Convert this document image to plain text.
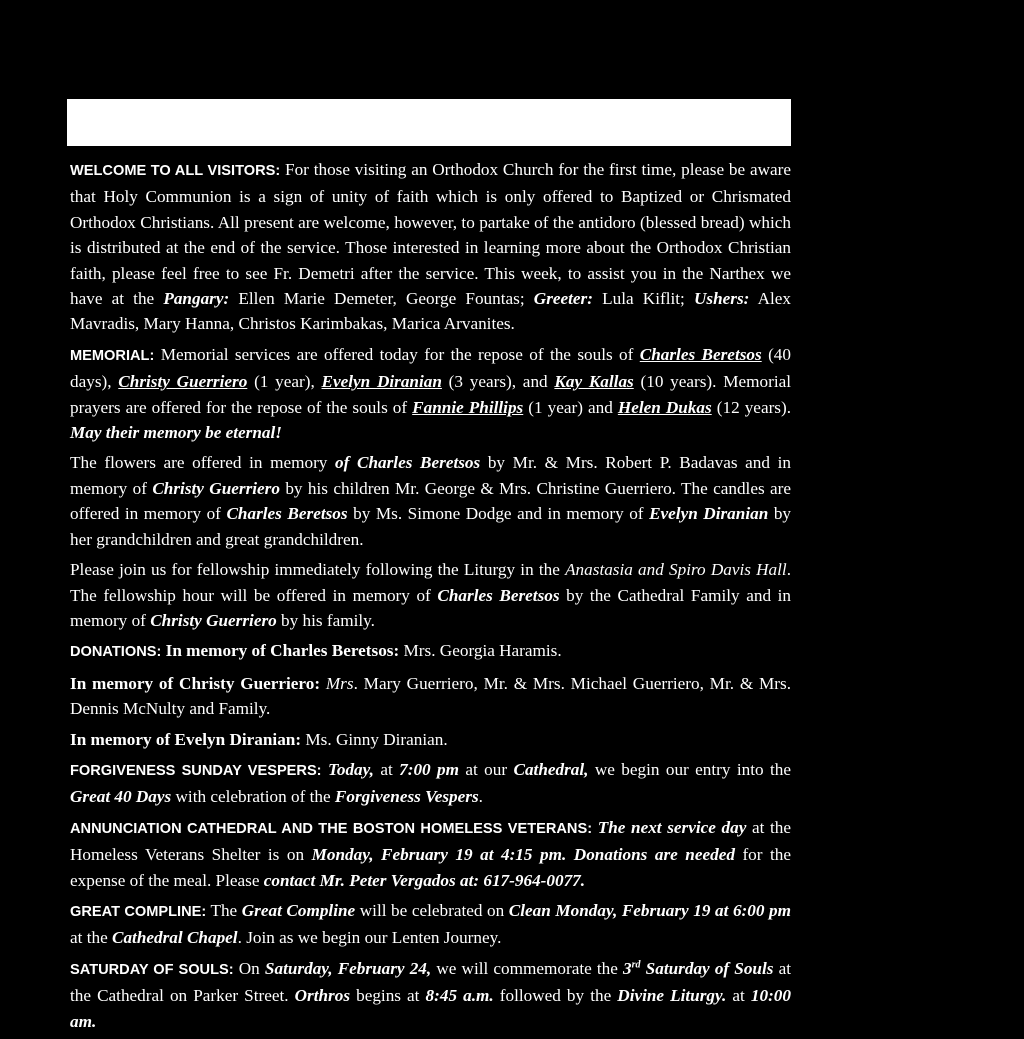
WELCOME TO ALL VISITORS: For those visiting an Orthodox Church for the first time, please be aware that Holy Communion is a sign of unity of faith which is only offered to Baptized or Chrismated Orthodox Christians. All present are welcome, however, to partake of the antidoro (blessed bread) which is distributed at the end of the service. Those interested in learning more about the Orthodox Christian faith, please feel free to see Fr. Demetri after the service. This week, to assist you in the Narthex we have at the Pangary: Ellen Marie Demeter, George Fountas; Greeter: Lula Kiflit; Ushers: Alex Mavradis, Mary Hanna, Christos Karimbakas, Marica Arvanites.

MEMORIAL: Memorial services are offered today for the repose of the souls of Charles Beretsos (40 days), Christy Guerriero (1 year), Evelyn Diranian (3 years), and Kay Kallas (10 years). Memorial prayers are offered for the repose of the souls of Fannie Phillips (1 year) and Helen Dukas (12 years). May their memory be eternal!

The flowers are offered in memory of Charles Beretsos by Mr. & Mrs. Robert P. Badavas and in memory of Christy Guerriero by his children Mr. George & Mrs. Christine Guerriero. The candles are offered in memory of Charles Beretsos by Ms. Simone Dodge and in memory of Evelyn Diranian by her grandchildren and great grandchildren.

Please join us for fellowship immediately following the Liturgy in the Anastasia and Spiro Davis Hall. The fellowship hour will be offered in memory of Charles Beretsos by the Cathedral Family and in memory of Christy Guerriero by his family.

DONATIONS: In memory of Charles Beretsos: Mrs. Georgia Haramis.

In memory of Christy Guerriero: Mrs. Mary Guerriero, Mr. & Mrs. Michael Guerriero, Mr. & Mrs. Dennis McNulty and Family.

In memory of Evelyn Diranian: Ms. Ginny Diranian.

FORGIVENESS SUNDAY VESPERS: Today, at 7:00 pm at our Cathedral, we begin our entry into the Great 40 Days with celebration of the Forgiveness Vespers.

ANNUNCIATION CATHEDRAL AND THE BOSTON HOMELESS VETERANS: The next service day at the Homeless Veterans Shelter is on Monday, February 19 at 4:15 pm. Donations are needed for the expense of the meal. Please contact Mr. Peter Vergados at: 617-964-0077.

GREAT COMPLINE: The Great Compline will be celebrated on Clean Monday, February 19 at 6:00 pm at the Cathedral Chapel. Join as we begin our Lenten Journey.

SATURDAY OF SOULS: On Saturday, February 24, we will commemorate the 3rd Saturday of Souls at the Cathedral on Parker Street. Orthros begins at 8:45 a.m. followed by the Divine Liturgy. at 10:00 am.
